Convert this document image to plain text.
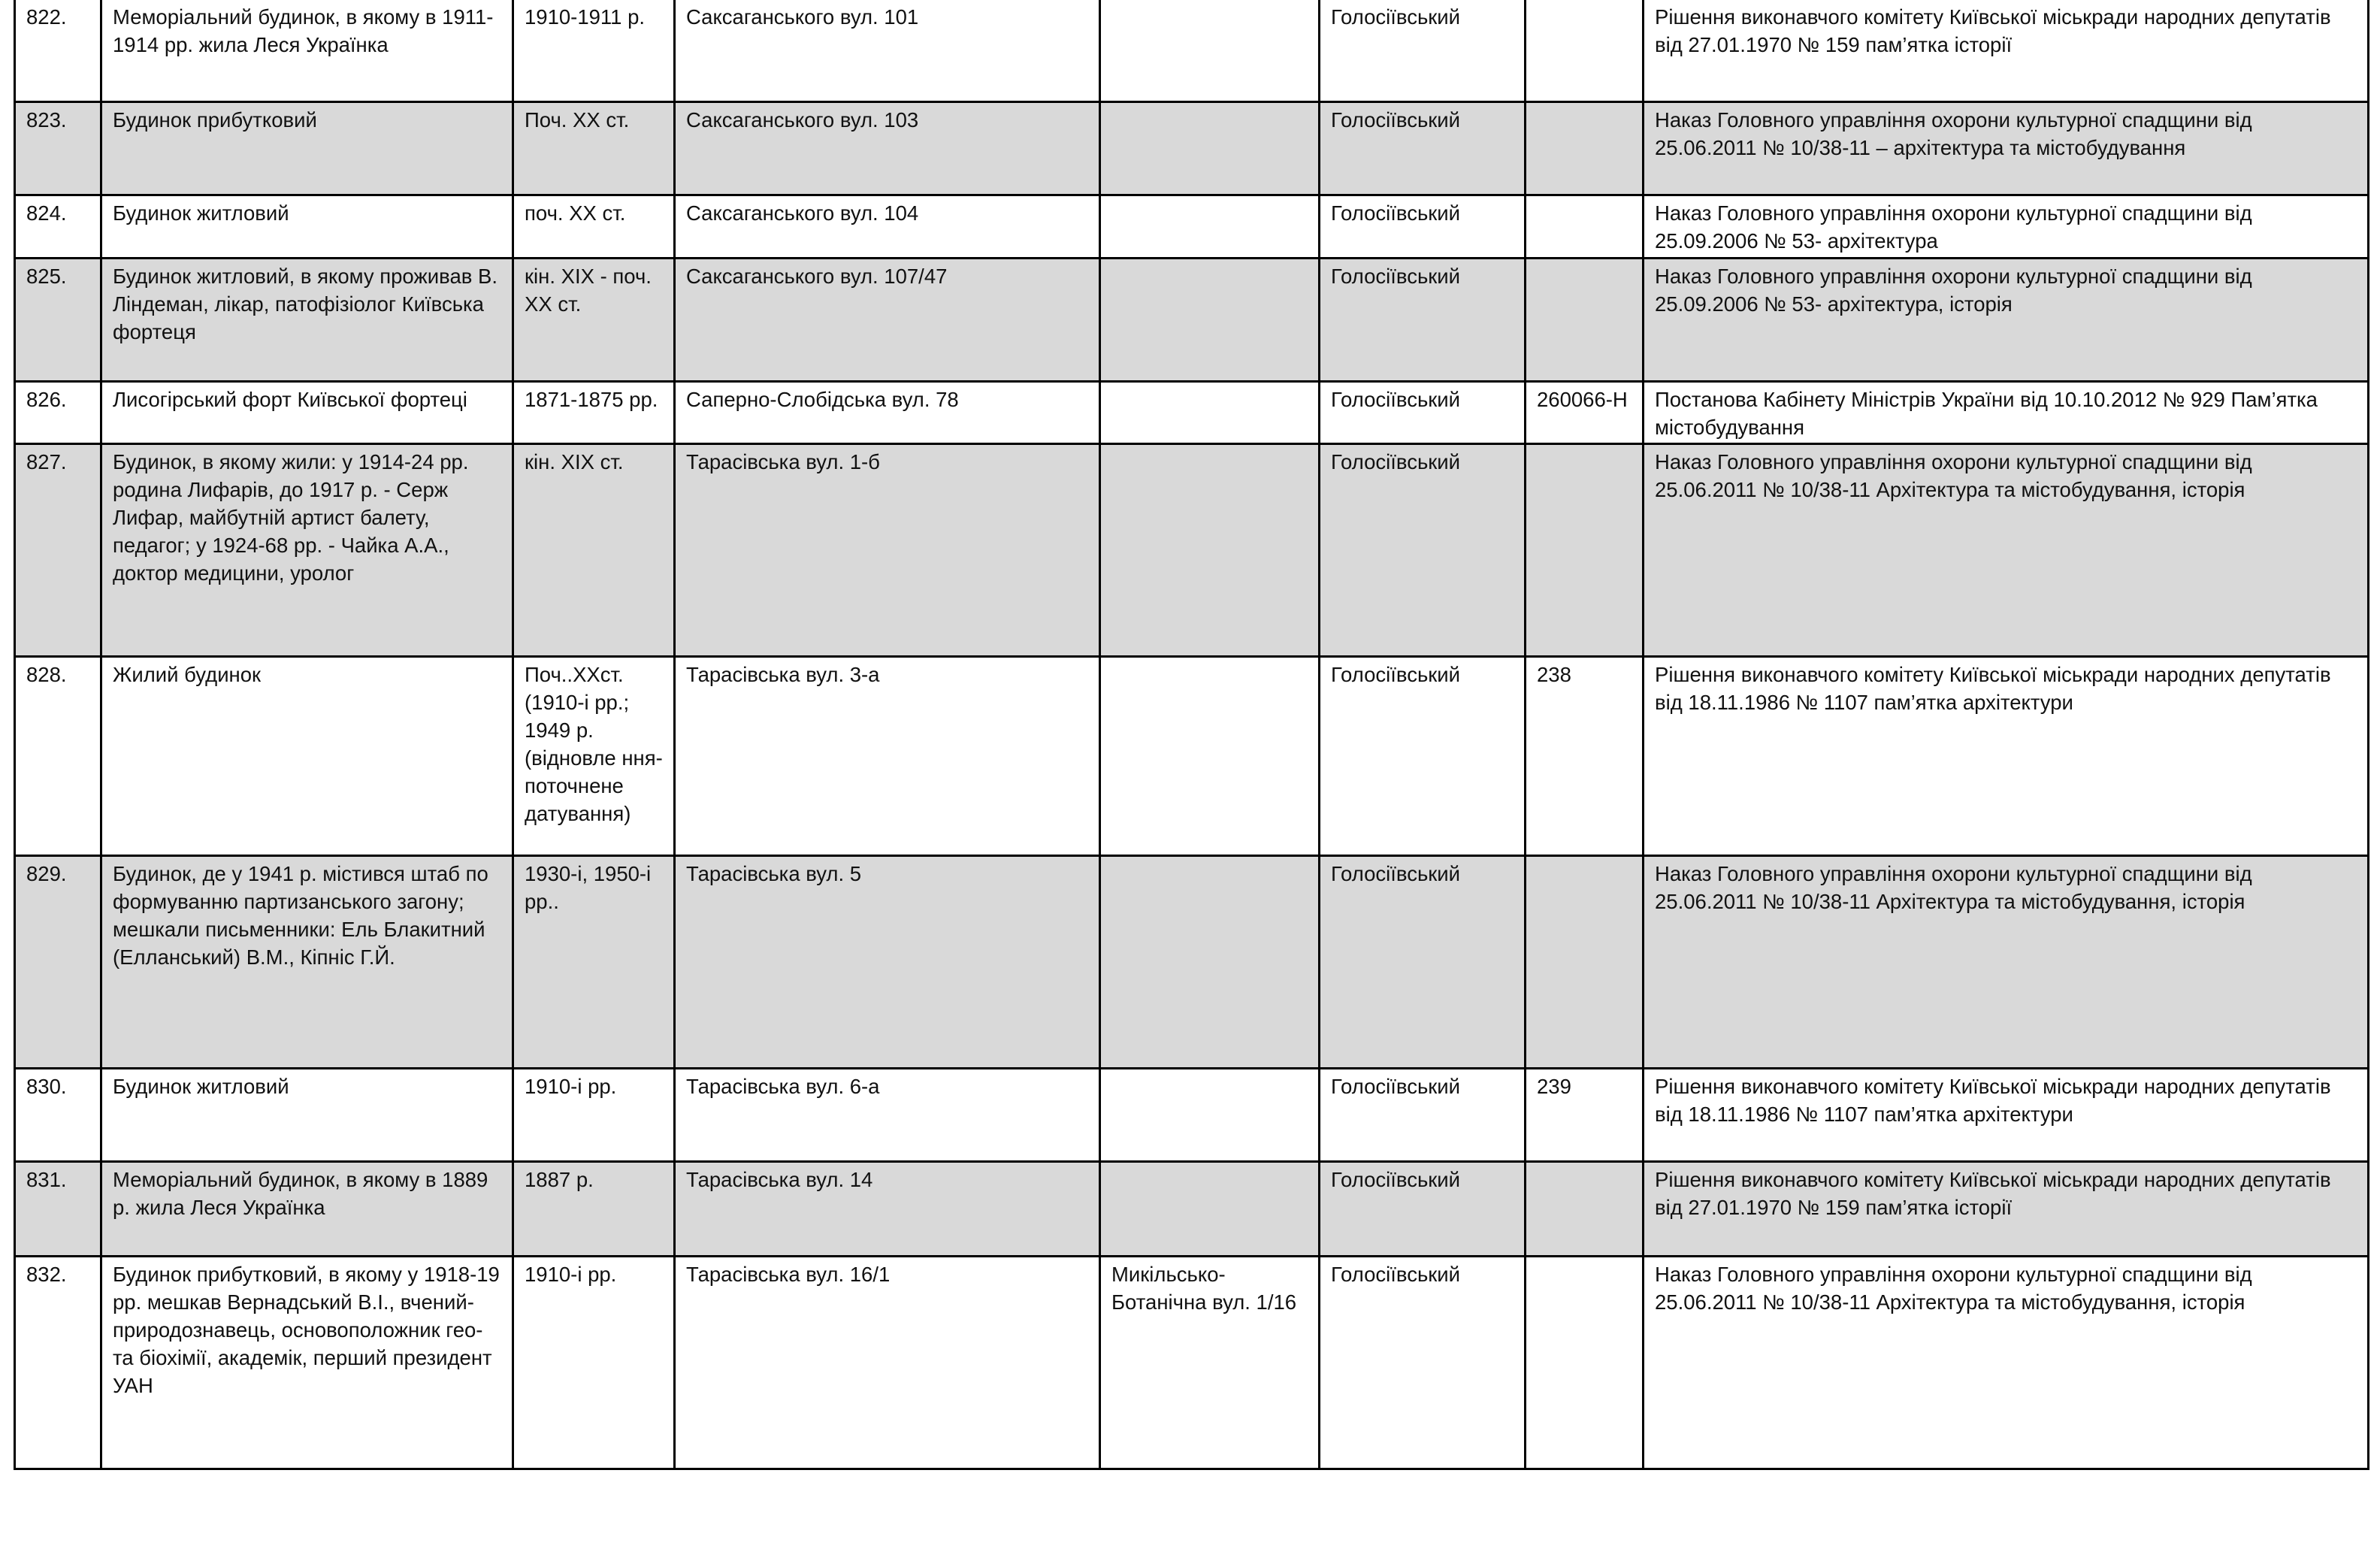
822.	Меморіальний будинок, в якому в 1911-1914 рр. жила Леся Українка	1910-1911 р.	Саксаганського вул. 101		Голосіївський		Рішення виконавчого комітету Київської міськради народних депутатів від 27.01.1970 № 159 пам’ятка історії
823.	Будинок прибутковий	Поч. ХХ ст.	Саксаганського вул. 103		Голосіївський		Наказ Головного управління охорони культурної спадщини від 25.06.2011 № 10/38-11 – архітектура та містобудування
824.	Будинок житловий	поч. ХХ ст.	Саксаганського вул. 104		Голосіївський		Наказ Головного управління охорони культурної спадщини від 25.09.2006 № 53- архітектура
825.	Будинок житловий, в якому проживав В. Ліндеман, лікар, патофізіолог Київська фортеця	кін. ХІХ - поч. ХХ ст.	Саксаганського вул. 107/47		Голосіївський		Наказ Головного управління охорони культурної спадщини від 25.09.2006 № 53- архітектура, історія
826.	Лисогірський форт Київської фортеці	1871-1875 рр.	Саперно-Слобідська вул. 78		Голосіївський	260066-Н	Постанова Кабінету Міністрів України від 10.10.2012 № 929 Пам’ятка містобудування
827.	Будинок, в якому жили: у 1914-24 рр. родина Лифарів, до 1917 р. - Серж Лифар, майбутній артист балету, педагог; у 1924-68 рр. - Чайка А.А., доктор медицини, уролог	кін. ХІХ ст.	Тарасівська вул. 1-б		Голосіївський		Наказ Головного управління охорони культурної спадщини від 25.06.2011 № 10/38-11 Архітектура та містобудування, історія
828.	Жилий будинок	Поч..ХХст. (1910-і рр.; 1949 р.(відновле ння- поточнене датування)	Тарасівська вул. 3-а		Голосіївський	238	Рішення виконавчого комітету Київської міськради народних депутатів від 18.11.1986 № 1107 пам’ятка архітектури
829.	Будинок, де у 1941 р. містився штаб по формуванню партизанського загону; мешкали письменники: Ель Блакитний (Елланський) В.М., Кіпніс Г.Й.	1930-і, 1950-і рр..	Тарасівська вул. 5		Голосіївський		Наказ Головного управління охорони культурної спадщини від 25.06.2011 № 10/38-11 Архітектура та містобудування, історія
830.	Будинок житловий	1910-і рр.	Тарасівська вул. 6-а		Голосіївський	239	Рішення виконавчого комітету Київської міськради народних депутатів від 18.11.1986 № 1107 пам’ятка архітектури
831.	Меморіальний будинок, в якому в 1889 р. жила Леся Українка	1887 р.	Тарасівська вул. 14		Голосіївський		Рішення виконавчого комітету Київської міськради народних депутатів від 27.01.1970 № 159 пам’ятка історії
832.	Будинок прибутковий, в якому у 1918-19 рр. мешкав Вернадський В.І., вчений-природознавець, основоположник гео- та біохімії, академік, перший президент УАН	1910-і рр.	Тарасівська вул. 16/1	Микільсько-Ботанічна вул. 1/16	Голосіївський		Наказ Головного управління охорони культурної спадщини від 25.06.2011 № 10/38-11 Архітектура та містобудування, історія
